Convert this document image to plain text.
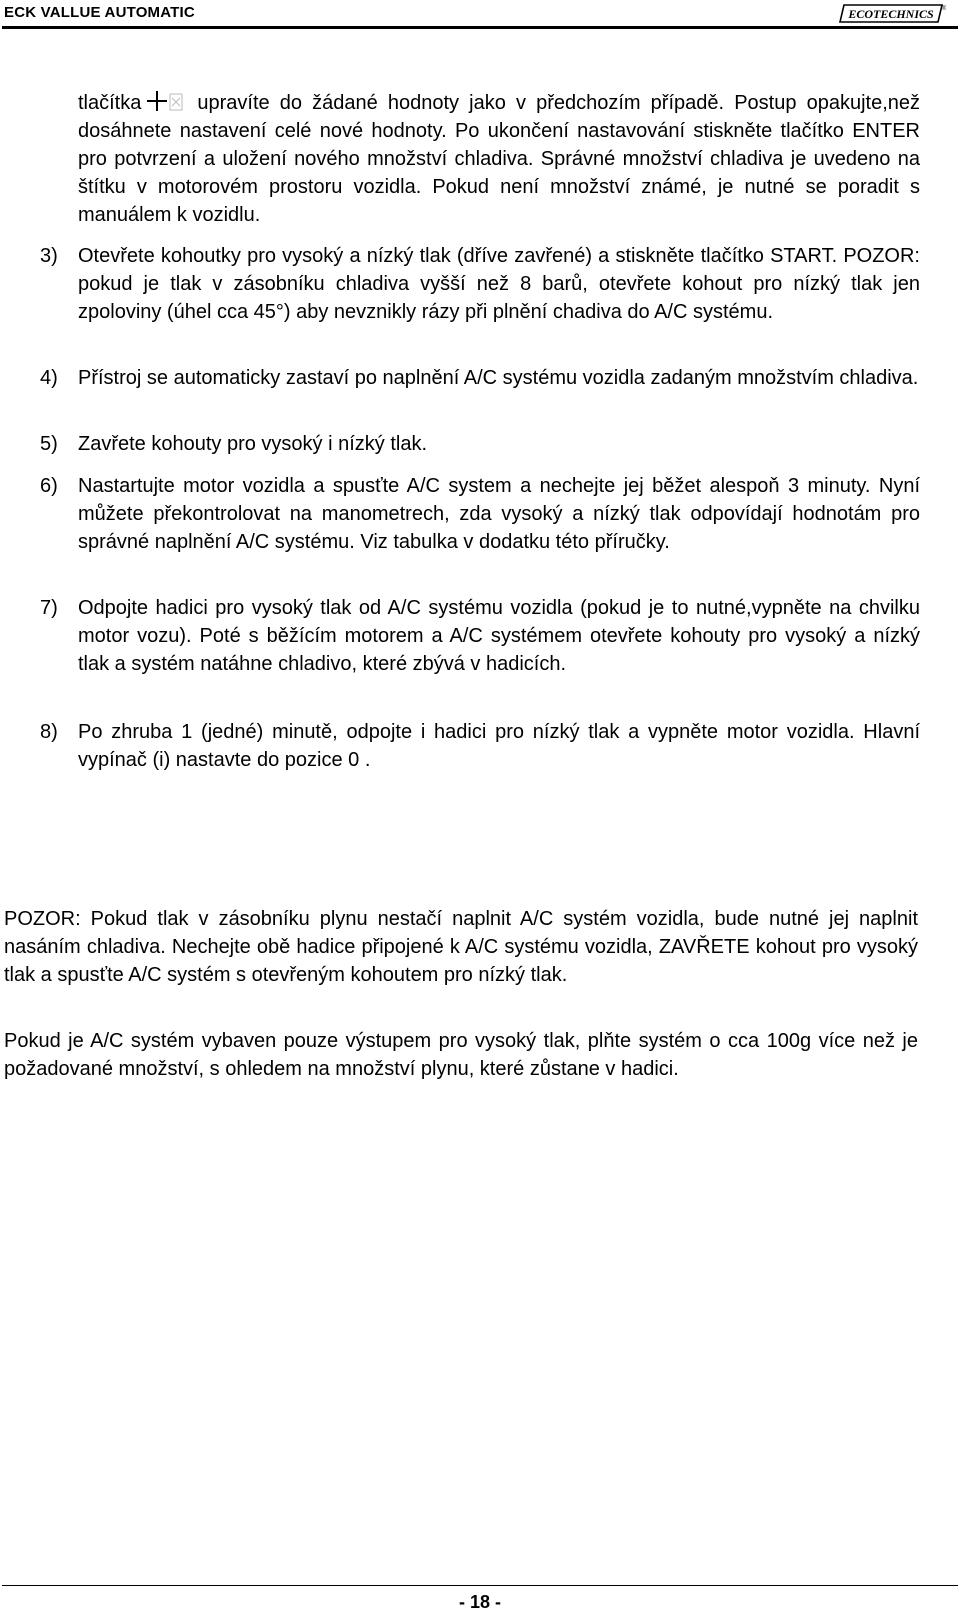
ECK VALLUE AUTOMATIC	ECOTECHNICS ®
tlačítka	upravíte do žádané hodnoty jako v předchozím případě. Postup opakujte,než dosáhnete nastavení celé nové hodnoty. Po ukončení nastavování stiskněte tlačítko ENTER pro potvrzení a uložení nového množství chladiva. Správné množství chladiva je uvedeno na štítku v motorovém prostoru vozidla. Pokud není množství známé, je nutné se poradit s manuálem k vozidlu.
3)	Otevřete kohoutky pro vysoký a nízký tlak (dříve zavřené) a stiskněte tlačítko START. POZOR: pokud je tlak v zásobníku chladiva vyšší než 8 barů, otevřete kohout pro nízký tlak jen zpoloviny (úhel cca 45°) aby nevznikly rázy při plnění chadiva do A/C systému.
4)	Přístroj se automaticky zastaví po naplnění A/C systému vozidla zadaným množstvím chladiva.
5)	Zavřete kohouty pro vysoký i nízký tlak.
6)	Nastartujte motor vozidla a spusťte A/C system a nechejte jej běžet alespoň 3 minuty. Nyní můžete překontrolovat na manometrech, zda vysoký a nízký tlak odpovídají hodnotám pro správné naplnění A/C systému. Viz tabulka v dodatku této příručky.
7)	Odpojte hadici pro vysoký tlak od A/C systému vozidla (pokud je to nutné,vypněte na chvilku motor vozu). Poté s běžícím motorem a A/C systémem otevřete kohouty pro vysoký a nízký tlak a systém natáhne chladivo, které zbývá v hadicích.
8)	Po zhruba 1 (jedné) minutě, odpojte i hadici pro nízký tlak a vypněte motor vozidla. Hlavní vypínač (i) nastavte do pozice 0 .

POZOR: Pokud tlak v zásobníku plynu nestačí naplnit A/C systém vozidla, bude nutné jej naplnit nasáním chladiva. Nechejte obě hadice připojené k A/C systému vozidla, ZAVŘETE kohout pro vysoký tlak a spusťte A/C systém s otevřeným kohoutem pro nízký tlak.

Pokud je A/C systém vybaven pouze výstupem pro vysoký tlak, plňte systém o cca 100g více než je požadované množství, s ohledem na množství plynu, které zůstane v hadici.

- 18 -
